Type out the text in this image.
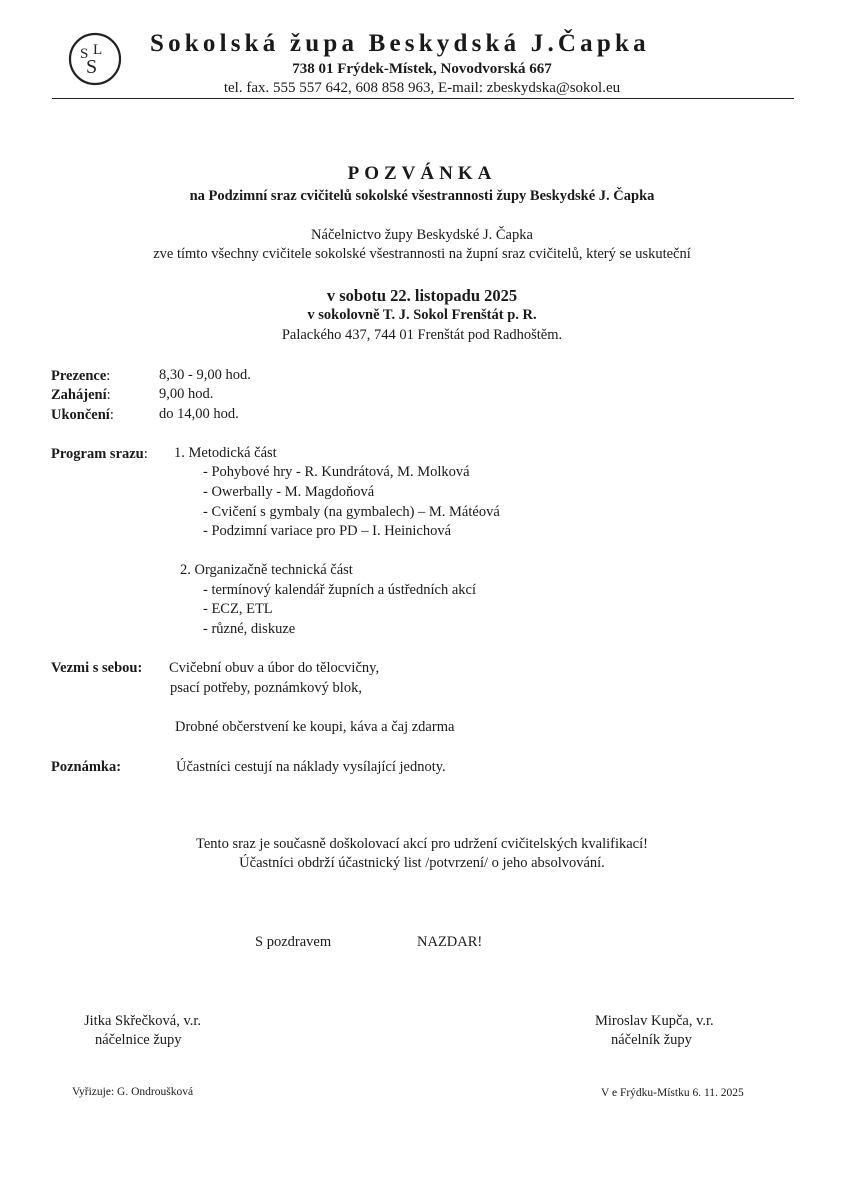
S L
S
Sokolská župa Beskydská J.Čapka
738 01 Frýdek-Místek, Novodvorská 667
tel. fax. 555 557 642, 608 858 963, E-mail: zbeskydska@sokol.eu
POZVÁNKA
na Podzimní sraz cvičitelů sokolské všestrannosti župy Beskydské J. Čapka
Náčelnictvo župy Beskydské J. Čapka
zve tímto všechny cvičitele sokolské všestrannosti na župní sraz cvičitelů, který se uskuteční
v sobotu 22. listopadu 2025
v sokolovně T. J. Sokol Frenštát p. R.
Palackého 437, 744 01 Frenštát pod Radhoštěm.
Prezence:	8,30 - 9,00 hod.
Zahájení:	9,00 hod.
Ukončení:	do 14,00 hod.
Program srazu: 1. Metodická část
- Pohybové hry - R. Kundrátová, M. Molková
- Owerbally - M. Magdoňová
- Cvičení s gymbaly (na gymbalech) – M. Mátéová
- Podzimní variace pro PD – I. Heinichová
2. Organizačně technická část
- termínový kalendář župních a ústředních akcí
- ECZ, ETL
- různé, diskuze
Vezmi s sebou: Cvičební obuv a úbor do tělocvičny,
psací potřeby, poznámkový blok,
Drobné občerstvení ke koupi, káva a čaj zdarma
Poznámka:	Účastníci cestují na náklady vysílající jednoty.
Tento sraz je současně doškolovací akcí pro udržení cvičitelských kvalifikací!
Účastníci obdrží účastnický list /potvrzení/ o jeho absolvování.
S pozdravem	NAZDAR!
Jitka Skřečková, v.r.
náčelnice župy
Miroslav Kupča, v.r.
náčelník župy
Vyřizuje: G. Ondroušková	V e Frýdku-Místku 6. 11. 2025
